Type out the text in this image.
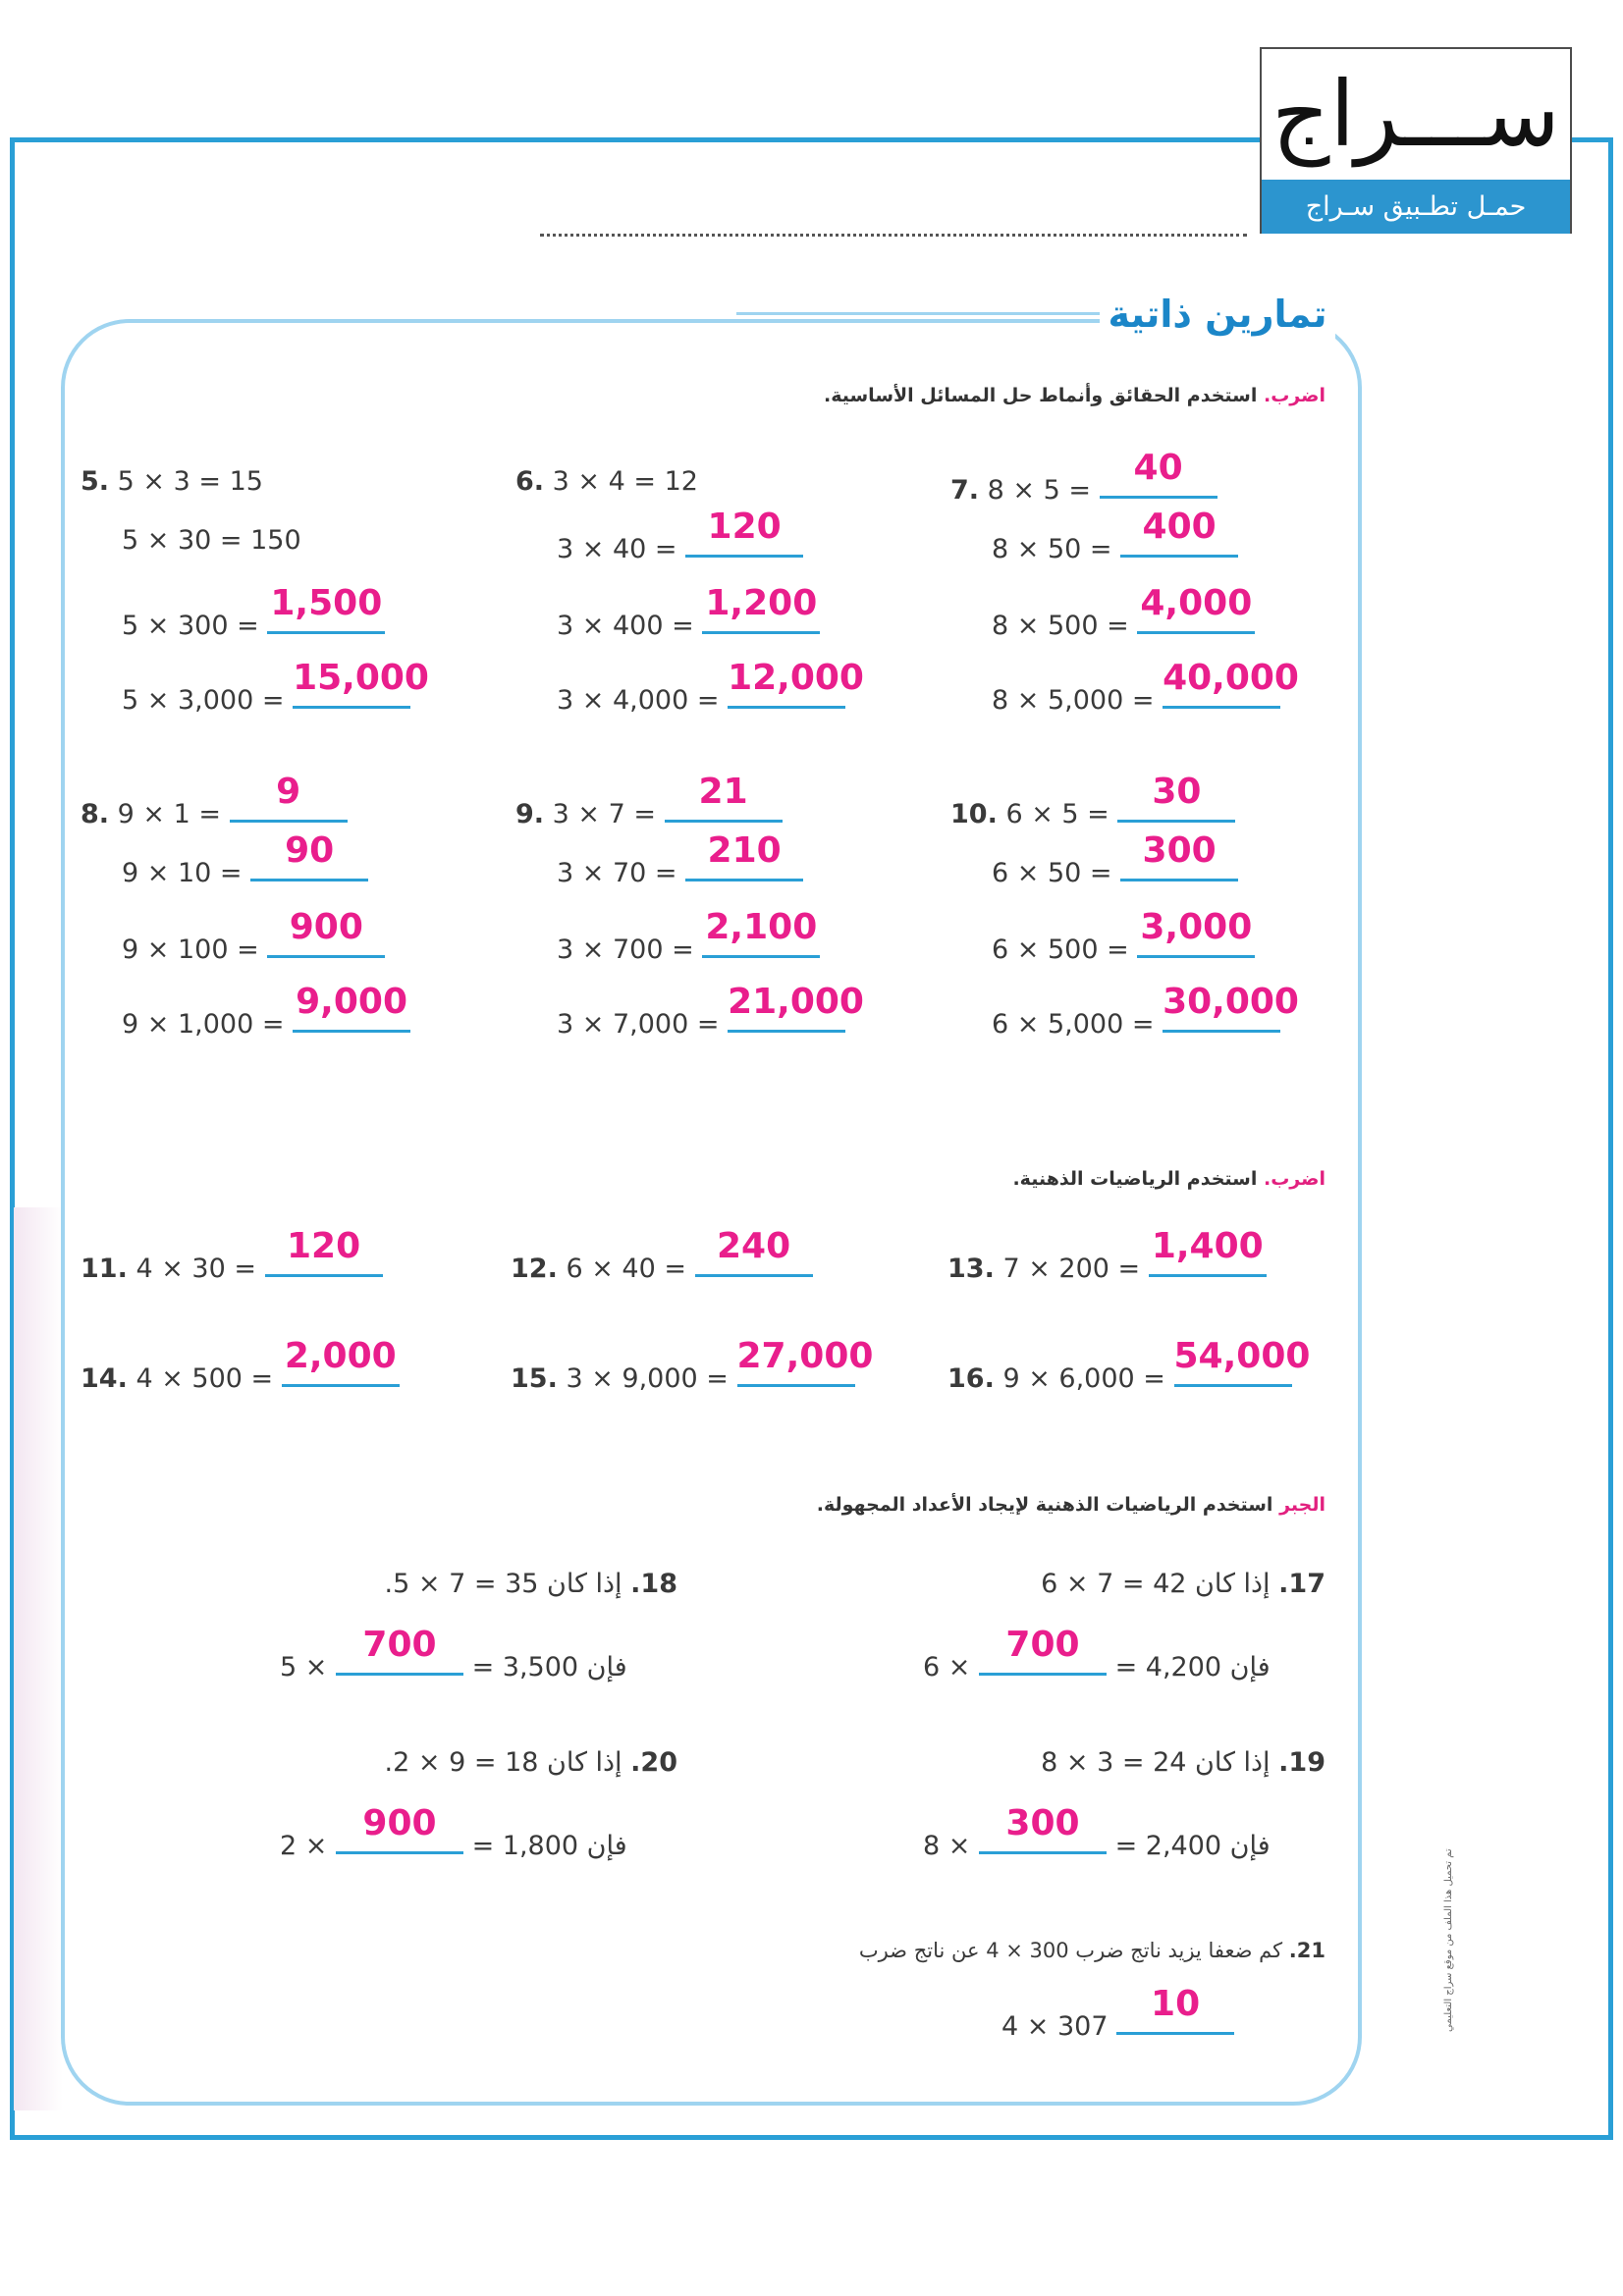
ســـراج
حمـل تطـبيق سـراج
تمارين ذاتية
اضرب. استخدم الحقائق وأنماط حل المسائل الأساسية.
5. 5 × 3 = 15
5 × 30 = 150
5 × 300 =
1,500
5 × 3,000 =
15,000
6. 3 × 4 = 12
3 × 40 =
120
3 × 400 =
1,200
3 × 4,000 =
12,000
7. 8 × 5 =
40
8 × 50 =
400
8 × 500 =
4,000
8 × 5,000 =
40,000
8. 9 × 1 =
9
9 × 10 =
90
9 × 100 =
900
9 × 1,000 =
9,000
9. 3 × 7 =
21
3 × 70 =
210
3 × 700 =
2,100
3 × 7,000 =
21,000
10. 6 × 5 =
30
6 × 50 =
300
6 × 500 =
3,000
6 × 5,000 =
30,000
اضرب. استخدم الرياضيات الذهنية.
11. 4 × 30 =
120
12. 6 × 40 =
240
13. 7 × 200 =
1,400
14. 4 × 500 =
2,000
15. 3 × 9,000 =
27,000
16. 9 × 6,000 =
54,000
الجبر استخدم الرياضيات الذهنية لإيجاد الأعداد المجهولة.
17. إذا كان 42 = 7 × 6
6 ×
700
= 4,200 فإن
18. إذا كان 35 = 7 × 5.
5 ×
700
= 3,500 فإن
19. إذا كان 24 = 3 × 8
8 ×
300
= 2,400 فإن
20. إذا كان 18 = 9 × 2.
2 ×
900
= 1,800 فإن
21. كم ضعفا يزيد ناتج ضرب 300 × 4 عن ناتج ضرب
4 × 307
10	تم تحميل هذا الملف من موقع سراج التعليمي
